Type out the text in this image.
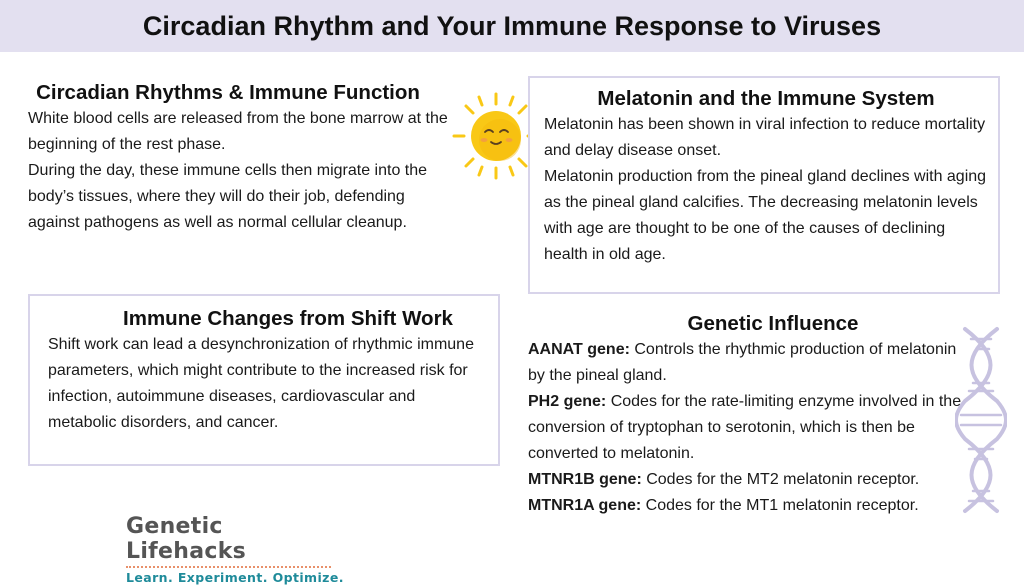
Circadian Rhythm and Your Immune Response to Viruses
Circadian Rhythms & Immune Function

White blood cells are released from the bone marrow at the beginning of the rest phase.

During the day, these immune cells then migrate into the body’s tissues, where they will do their job, defending against pathogens as well as normal cellular cleanup.

Melatonin and the Immune System

Melatonin has been shown in viral infection to reduce mortality and delay disease onset.

Melatonin production from the pineal gland declines with aging as the pineal gland calcifies. The decreasing melatonin levels with age are thought to be one of the causes of declining health in old age.

Immune Changes from Shift Work

Shift work can lead a desynchronization of rhythmic immune parameters, which might contribute to the increased risk for infection, autoimmune diseases, cardiovascular and metabolic disorders, and cancer.

Genetic Influence

AANAT gene: Controls the rhythmic production of melatonin by the pineal gland.

PH2 gene: Codes for the rate-limiting enzyme involved in the conversion of tryptophan to serotonin, which is then be converted to melatonin.

MTNR1B gene: Codes for the MT2 melatonin receptor.

MTNR1A gene: Codes for the MT1 melatonin receptor.

Genetic Lifehacks
Learn. Experiment. Optimize.
